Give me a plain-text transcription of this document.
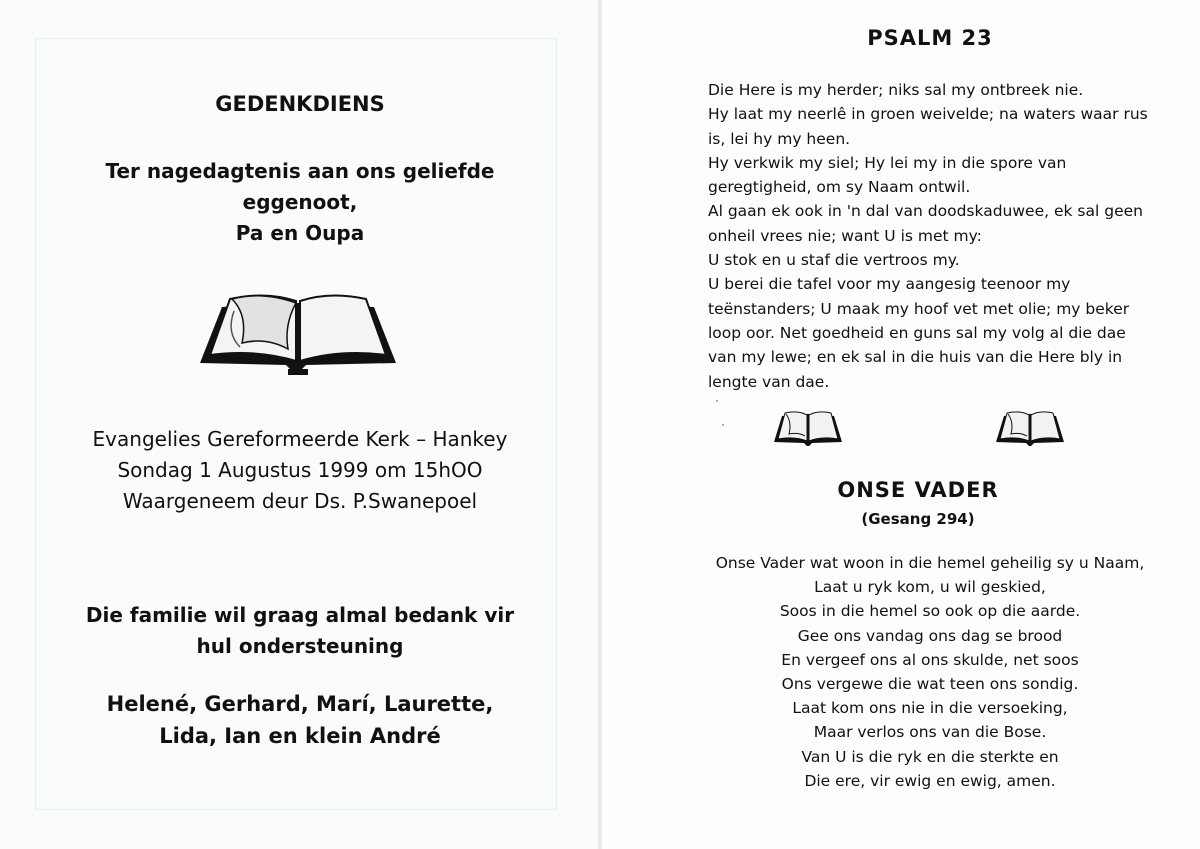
GEDENKDIENS
Ter nagedagtenis aan ons geliefde
eggenoot,
Pa en Oupa
Evangelies Gereformeerde Kerk – Hankey
Sondag 1 Augustus 1999 om 15hOO
Waargeneem deur Ds. P.Swanepoel
Die familie wil graag almal bedank vir
hul ondersteuning
Helené, Gerhard, Marí, Laurette,
Lida, Ian en klein André
PSALM 23
Die Here is my herder; niks sal my ontbreek nie.
Hy laat my neerlê in groen weivelde; na waters waar rus
is, lei hy my heen.
Hy verkwik my siel; Hy lei my in die spore van
geregtigheid, om sy Naam ontwil.
Al gaan ek ook in 'n dal van doodskaduwee, ek sal geen
onheil vrees nie; want U is met my:
U stok en u staf die vertroos my.
U berei die tafel voor my aangesig teenoor my
teënstanders; U maak my hoof vet met olie; my beker
loop oor. Net goedheid en guns sal my volg al die dae
van my lewe; en ek sal in die huis van die Here bly in
lengte van dae.
ONSE VADER
(Gesang 294)
Onse Vader wat woon in die hemel geheilig sy u Naam,
Laat u ryk kom, u wil geskied,
Soos in die hemel so ook op die aarde.
Gee ons vandag ons dag se brood
En vergeef ons al ons skulde, net soos
Ons vergewe die wat teen ons sondig.
Laat kom ons nie in die versoeking,
Maar verlos ons van die Bose.
Van U is die ryk en die sterkte en
Die ere, vir ewig en ewig, amen.
